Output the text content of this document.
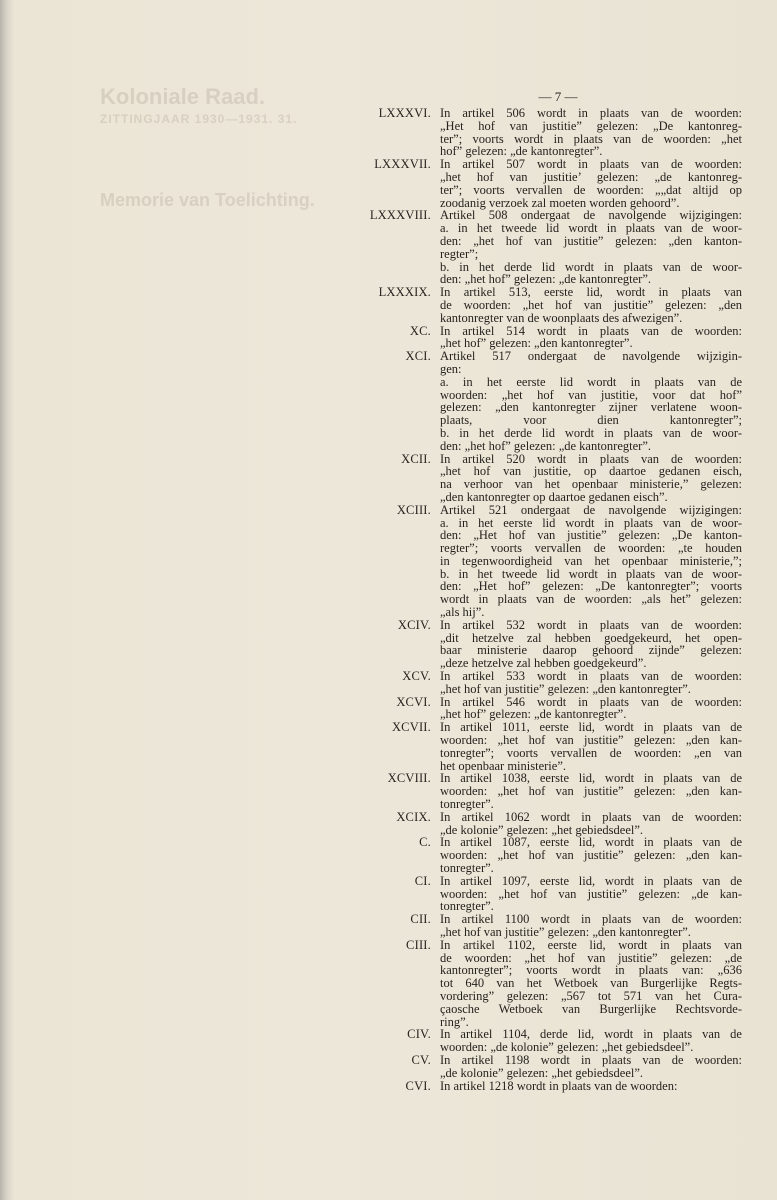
Koloniale Raad.
ZITTINGJAAR 1930—1931. 31.
Memorie van Toelichting.
— 7 —
LXXXVI. In artikel 506 wordt in plaats van de woorden:
„Het hof van justitie” gelezen: „De kantonreg-
ter”; voorts wordt in plaats van de woorden: „het
hof” gelezen: „de kantonregter”.
LXXXVII. In artikel 507 wordt in plaats van de woorden:
„het hof van justitie’ gelezen: „de kantonreg-
ter”; voorts vervallen de woorden: „„dat altijd op
zoodanig verzoek zal moeten worden gehoord”.
LXXXVIII. Artikel 508 ondergaat de navolgende wijzigingen:
a. in het tweede lid wordt in plaats van de woor-
den: „het hof van justitie” gelezen: „den kanton-
regter”;
b. in het derde lid wordt in plaats van de woor-
den: „het hof” gelezen: „de kantonregter”.
LXXXIX. In artikel 513, eerste lid, wordt in plaats van
de woorden: „het hof van justitie” gelezen: „den
kantonregter van de woonplaats des afwezigen”.
XC. In artikel 514 wordt in plaats van de woorden:
„het hof” gelezen: „den kantonregter”.
XCI. Artikel 517 ondergaat de navolgende wijzigin-
gen:
a. in het eerste lid wordt in plaats van de
woorden: „het hof van justitie, voor dat hof”
gelezen: „den kantonregter zijner verlatene woon-
plaats, voor dien kantonregter”;
b. in het derde lid wordt in plaats van de woor-
den: „het hof” gelezen: „de kantonregter”.
XCII. In artikel 520 wordt in plaats van de woorden:
„het hof van justitie, op daartoe gedanen eisch,
na verhoor van het openbaar ministerie,” gelezen:
„den kantonregter op daartoe gedanen eisch”.
XCIII. Artikel 521 ondergaat de navolgende wijzigingen:
a. in het eerste lid wordt in plaats van de woor-
den: „Het hof van justitie” gelezen: „De kanton-
regter”; voorts vervallen de woorden: „te houden
in tegenwoordigheid van het openbaar ministerie,”;
b. in het tweede lid wordt in plaats van de woor-
den: „Het hof” gelezen: „De kantonregter”; voorts
wordt in plaats van de woorden: „als het” gelezen:
„als hij”.
XCIV. In artikel 532 wordt in plaats van de woorden:
„dit hetzelve zal hebben goedgekeurd, het open-
baar ministerie daarop gehoord zijnde” gelezen:
„deze hetzelve zal hebben goedgekeurd”.
XCV. In artikel 533 wordt in plaats van de woorden:
„het hof van justitie” gelezen: „den kantonregter”.
XCVI. In artikel 546 wordt in plaats van de woorden:
„het hof” gelezen: „de kantonregter”.
XCVII. In artikel 1011, eerste lid, wordt in plaats van de
woorden: „het hof van justitie” gelezen: „den kan-
tonregter”; voorts vervallen de woorden: „en van
het openbaar ministerie”.
XCVIII. In artikel 1038, eerste lid, wordt in plaats van de
woorden: „het hof van justitie” gelezen: „den kan-
tonregter”.
XCIX. In artikel 1062 wordt in plaats van de woorden:
„de kolonie” gelezen: „het gebiedsdeel”.
C. In artikel 1087, eerste lid, wordt in plaats van de
woorden: „het hof van justitie” gelezen: „den kan-
tonregter”.
CI. In artikel 1097, eerste lid, wordt in plaats van de
woorden: „het hof van justitie” gelezen: „de kan-
tonregter”.
CII. In artikel 1100 wordt in plaats van de woorden:
„het hof van justitie” gelezen: „den kantonregter”.
CIII. In artikel 1102, eerste lid, wordt in plaats van
de woorden: „het hof van justitie” gelezen: „de
kantonregter”; voorts wordt in plaats van: „636
tot 640 van het Wetboek van Burgerlijke Regts-
vordering” gelezen: „567 tot 571 van het Cura-
çaosche Wetboek van Burgerlijke Rechtsvorde-
ring”.
CIV. In artikel 1104, derde lid, wordt in plaats van de
woorden: „de kolonie” gelezen: „het gebiedsdeel”.
CV. In artikel 1198 wordt in plaats van de woorden:
„de kolonie” gelezen: „het gebiedsdeel”.
CVI. In artikel 1218 wordt in plaats van de woorden:
